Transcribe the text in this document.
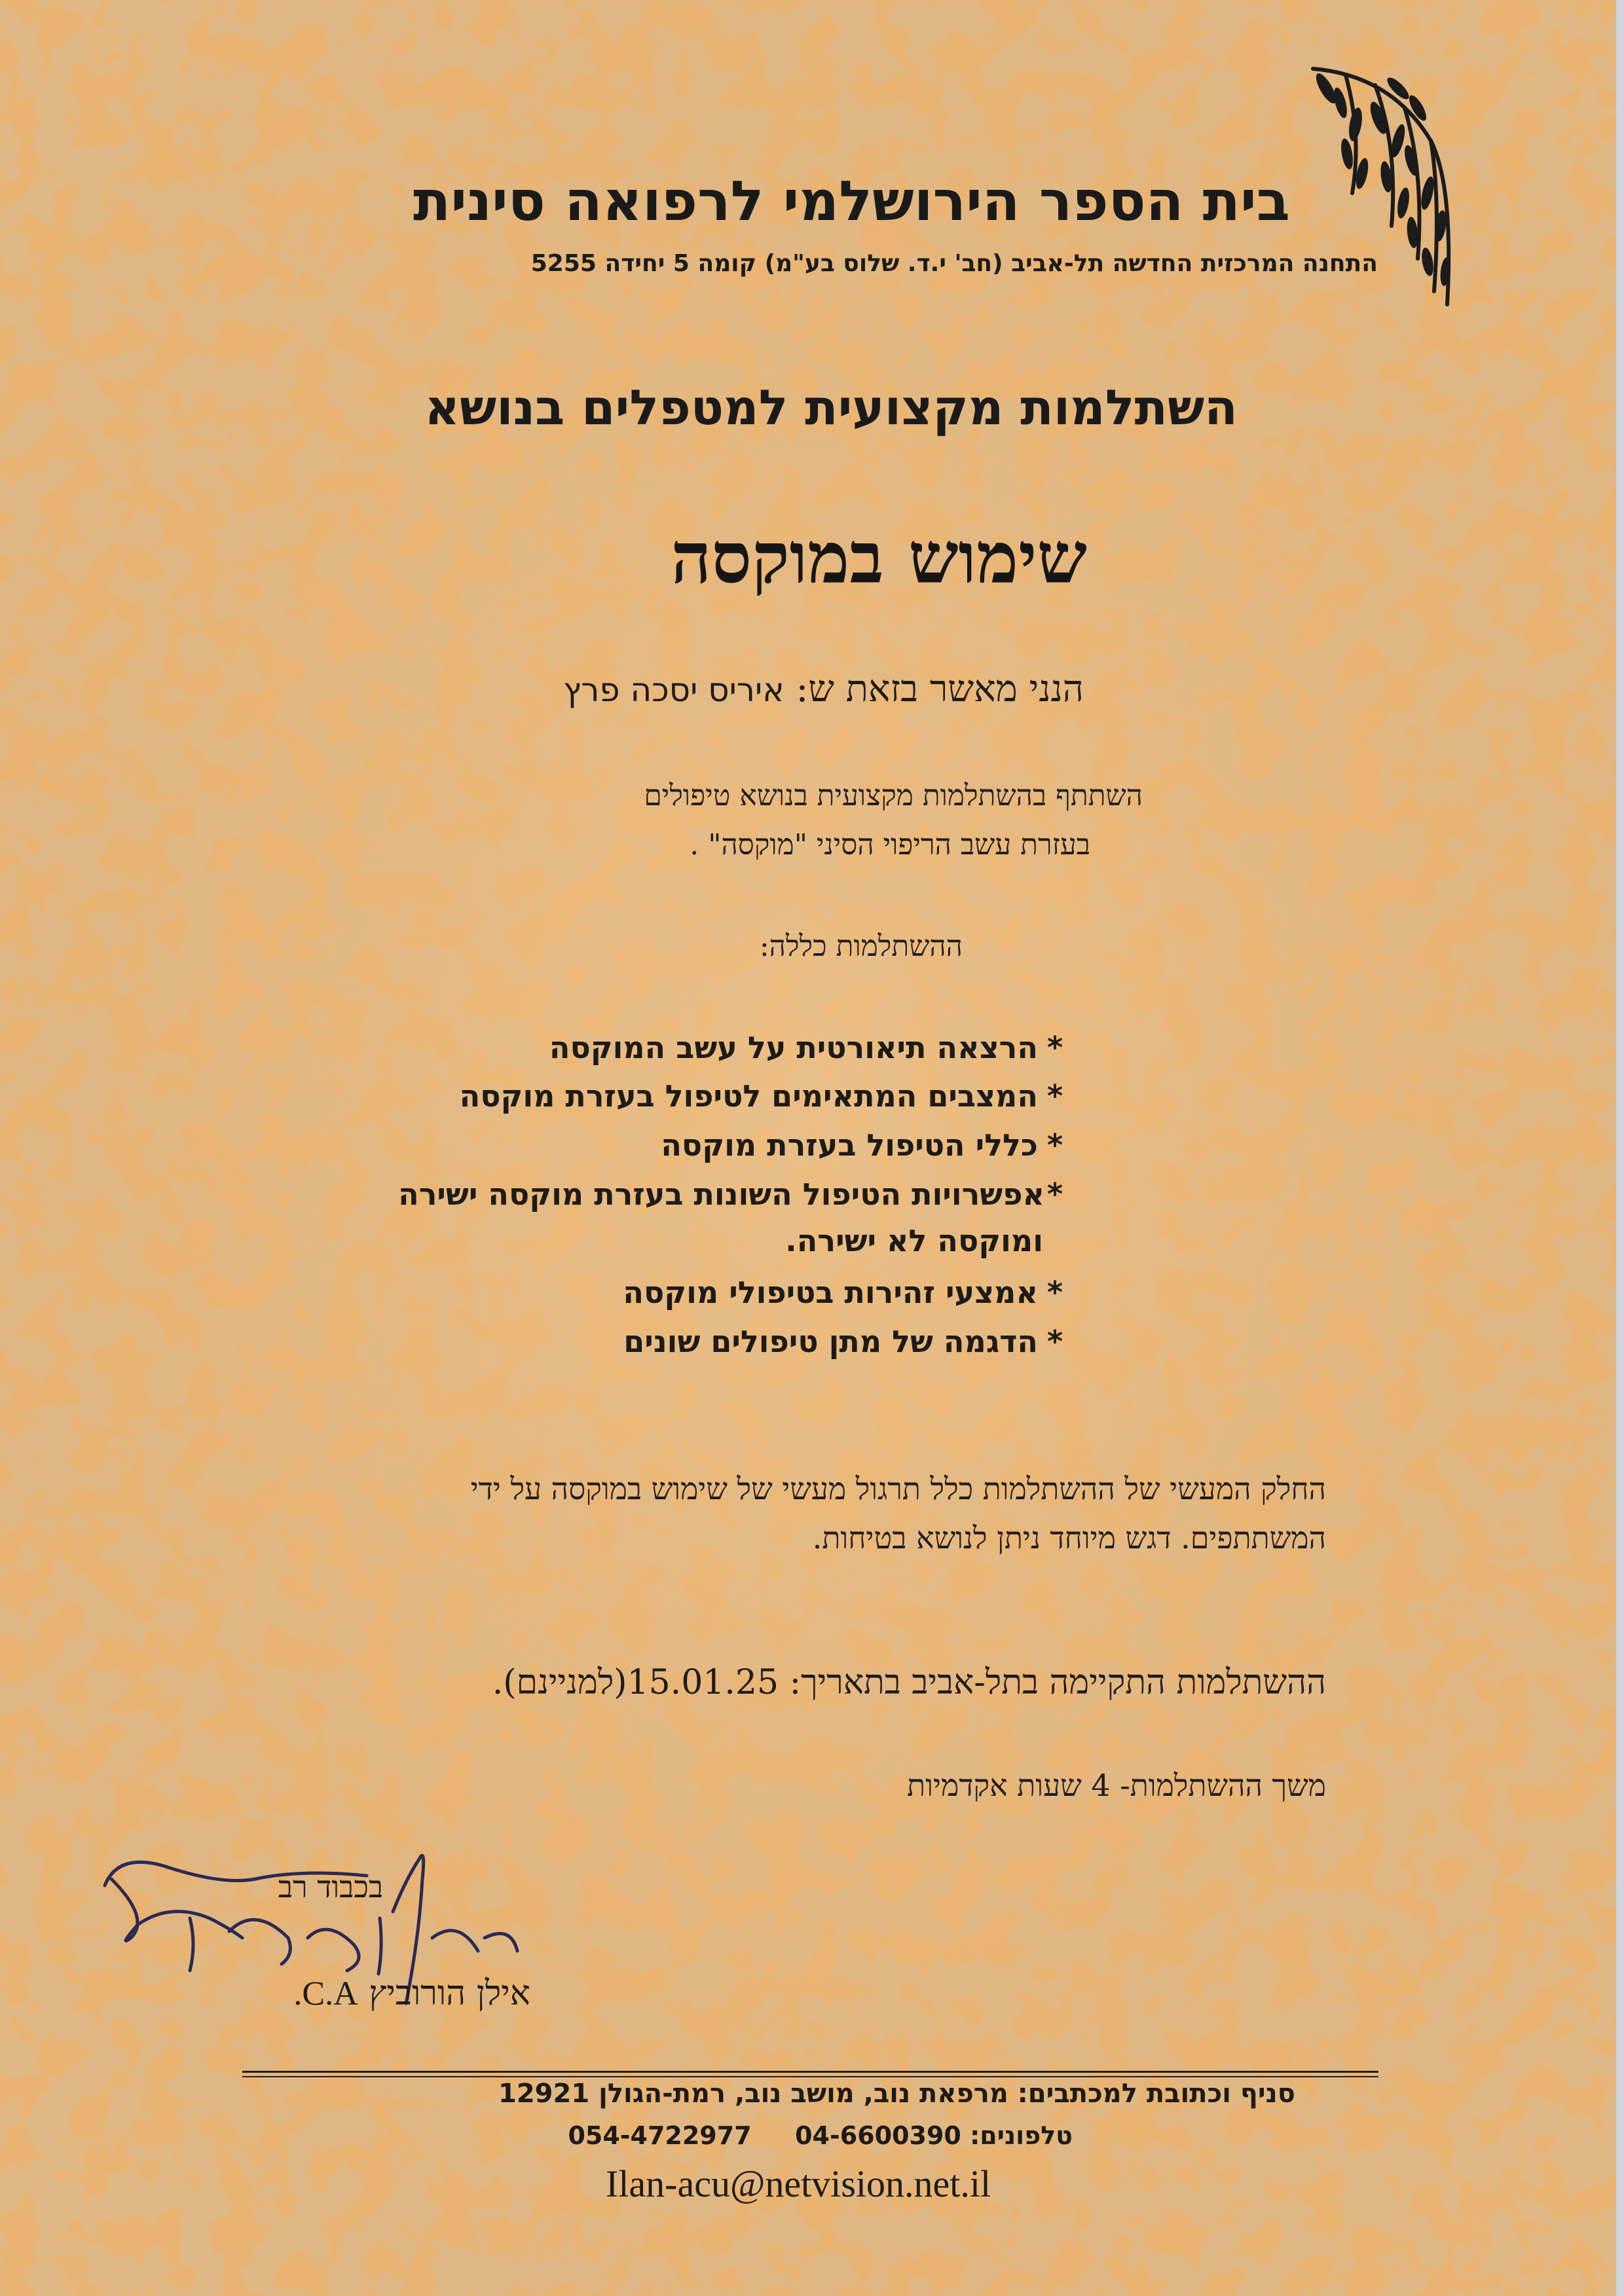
בית הספר הירושלמי לרפואה סינית
התחנה המרכזית החדשה תל-אביב (חב' י.ד. שלוס בע"מ) קומה 5 יחידה 5255
השתלמות מקצועית למטפלים בנושא
שימוש במוקסה
הנני מאשר בזאת ש: איריס יסכה פרץ
השתתף בהשתלמות מקצועית בנושא טיפולים
בעזרת עשב הריפוי הסיני "מוקסה" .
ההשתלמות כללה:
*הרצאה תיאורטית על עשב המוקסה
*המצבים המתאימים לטיפול בעזרת מוקסה
*כללי הטיפול בעזרת מוקסה
*אפשרויות הטיפול השונות בעזרת מוקסה ישירה
ומוקסה לא ישירה.
*אמצעי זהירות בטיפולי מוקסה
*הדגמה של מתן טיפולים שונים
החלק המעשי של ההשתלמות כלל תרגול מעשי של שימוש במוקסה על ידי
המשתתפים. דגש מיוחד ניתן לנושא בטיחות.
ההשתלמות התקיימה בתל-אביב בתאריך: 15.01.25(למניינם).
משך ההשתלמות- 4 שעות אקדמיות
בכבוד רב
אילן הורוביץ C.A.
סניף וכתובת למכתבים: מרפאת נוב, מושב נוב, רמת-הגולן 12921
טלפונים: 04-6600390  054-4722977
Ilan-acu@netvision.net.il
